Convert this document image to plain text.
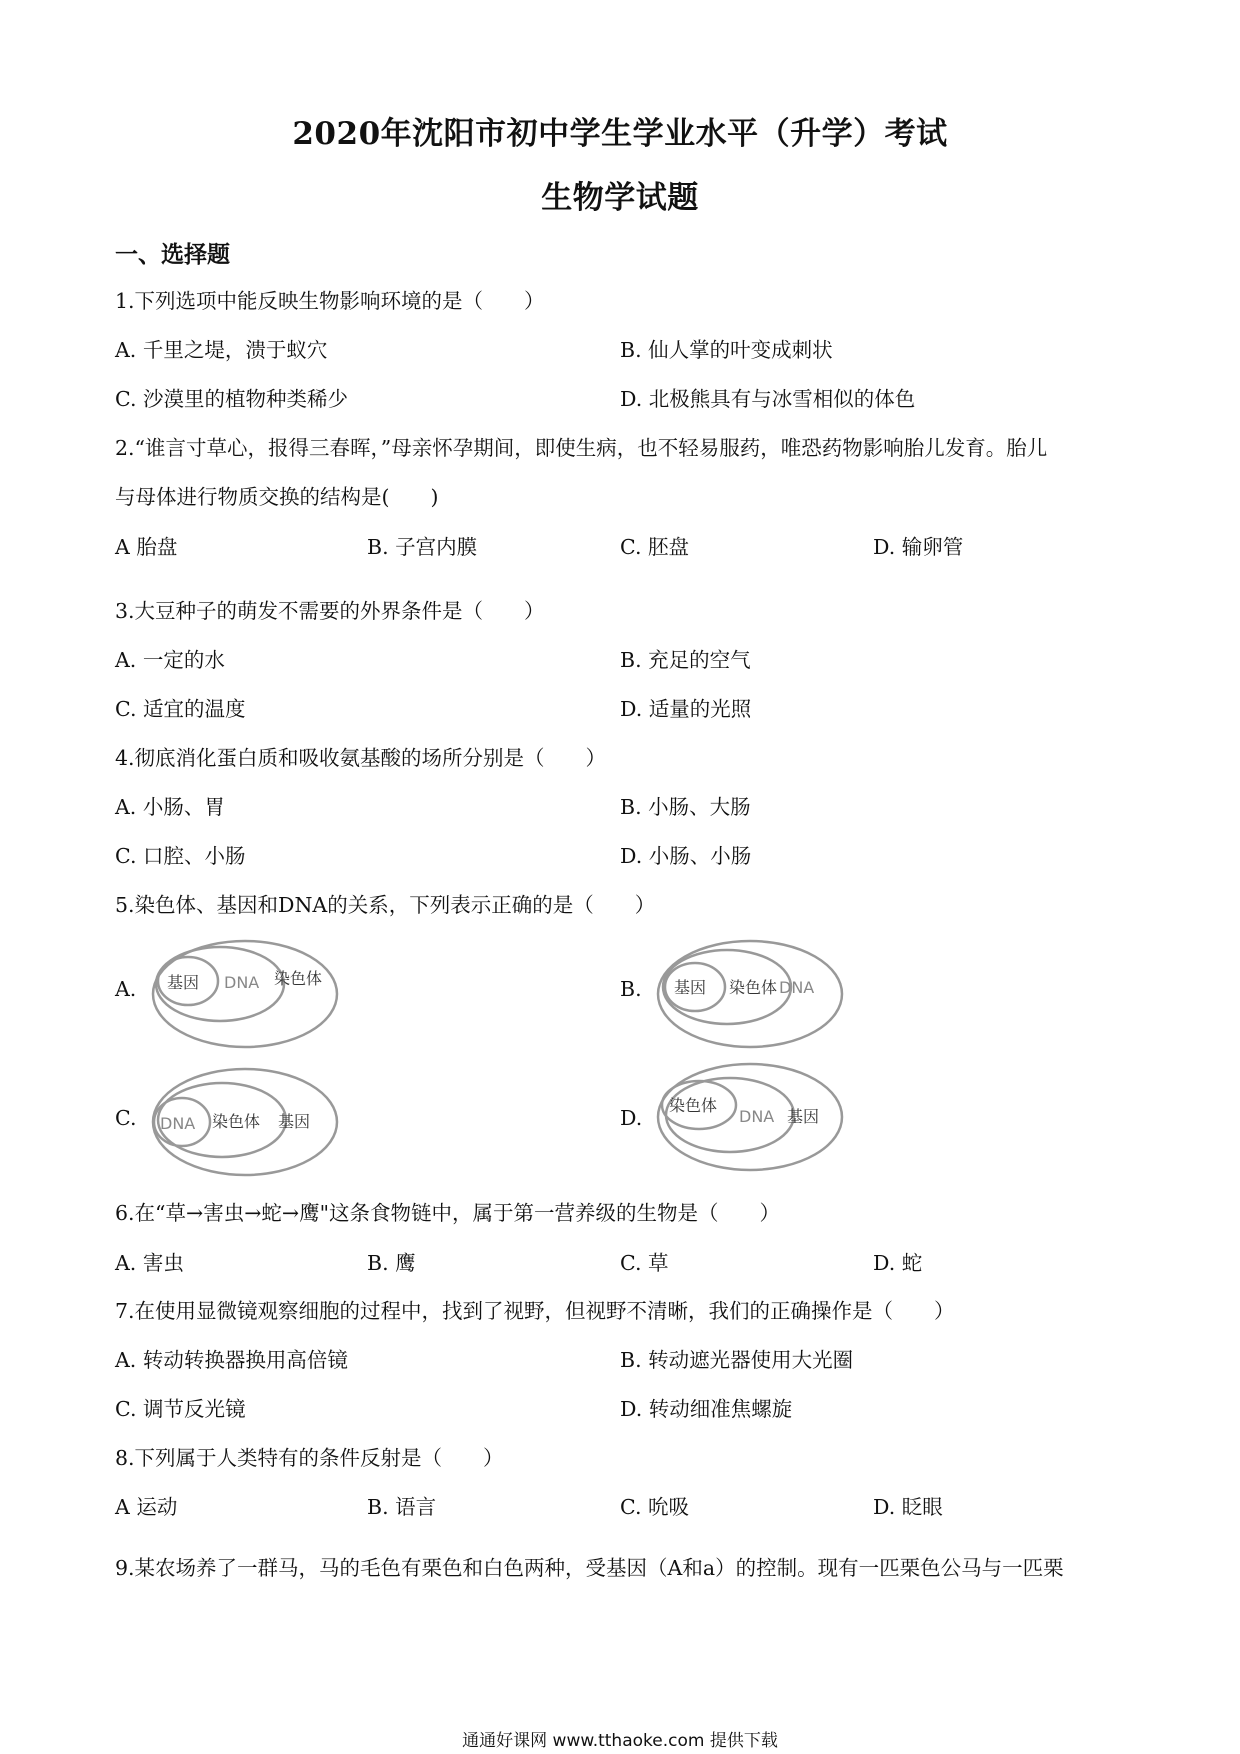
2020年沈阳市初中学生学业水平（升学）考试
生物学试题
一、选择题
1.下列选项中能反映生物影响环境的是（　　）
A. 千里之堤，溃于蚁穴	B. 仙人掌的叶变成刺状
C. 沙漠里的植物种类稀少	D. 北极熊具有与冰雪相似的体色
2.“谁言寸草心，报得三春晖，”母亲怀孕期间，即使生病，也不轻易服药，唯恐药物影响胎儿发育。胎儿
与母体进行物质交换的结构是(　　)
A 胎盘	B. 子宫内膜	C. 胚盘	D. 输卵管
3.大豆种子的萌发不需要的外界条件是（　　）
A. 一定的水	B. 充足的空气
C. 适宜的温度	D. 适量的光照
4.彻底消化蛋白质和吸收氨基酸的场所分别是（　　）
A. 小肠、胃	B. 小肠、大肠
C. 口腔、小肠	D. 小肠、小肠
5.染色体、基因和DNA的关系，下列表示正确的是（　　）
A. 基因 DNA 染色体	B. 基因 染色体 DNA
C. DNA 染色体 基因	D.
染色体
DNA 基因
6.在“草→害虫→蛇→鹰"这条食物链中，属于第一营养级的生物是（　　）
A. 害虫	B. 鹰	C. 草	D. 蛇
7.在使用显微镜观察细胞的过程中，找到了视野，但视野不清晰，我们的正确操作是（　　）
A. 转动转换器换用高倍镜	B. 转动遮光器使用大光圈
C. 调节反光镜	D. 转动细准焦螺旋
8.下列属于人类特有的条件反射是（　　）
A 运动	B. 语言	C. 吮吸	D. 眨眼
9.某农场养了一群马，马的毛色有栗色和白色两种，受基因（A和a）的控制。现有一匹栗色公马与一匹栗
通通好课网 www.tthaoke.com 提供下载
